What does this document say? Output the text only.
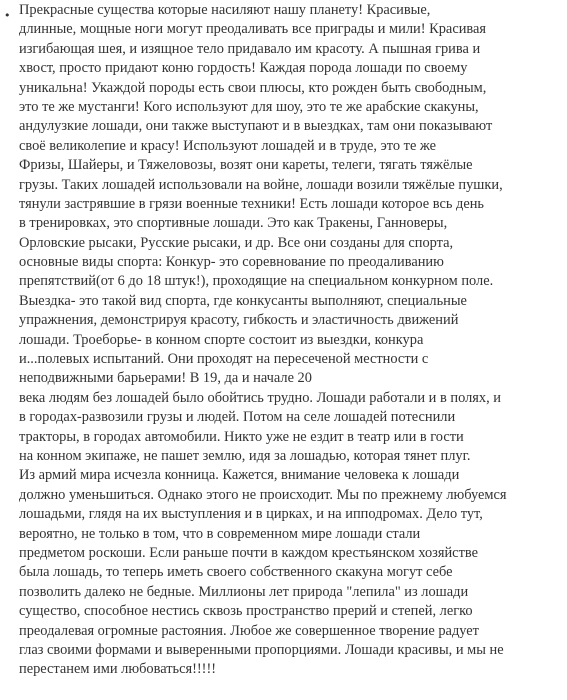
• Прекрасные существа которые насиляют нашу планету! Красивые,
длинные, мощные ноги могут преодаливать все приграды и мили! Красивая
изгибающая шея, и изящное тело придавало им красоту. А пышная грива и
хвост, просто придают коню гордость! Каждая порода лошади по своему
уникальна! Укаждой породы есть свои плюсы, кто рожден быть свободным,
это те же мустанги! Кого используют для шоу, это те же арабские скакуны,
андулузкие лошади, они также выступают и в выездках, там они показывают
своё великолепие и красу! Используют лошадей и в труде, это те же
Фризы, Шайеры, и Тяжеловозы, возят они кареты, телеги, тягать тяжёлые
грузы. Таких лошадей использовали на войне, лошади возили тяжёлые пушки,
тянули застрявшие в грязи военные техники! Есть лошади которое всь день
в тренировках, это спортивные лошади. Это как Тракены, Ганноверы,
Орловские рысаки, Русские рысаки, и др. Все они созданы для спорта,
основные виды спорта: Конкур- это соревнование по преодаливанию
препятствий(от 6 до 18 штук!), проходящие на специальном конкурном поле.
Выездка- это такой вид спорта, где конкусанты выполняют, специальные
упражнения, демонстрируя красоту, гибкость и эластичность движений
лошади. Троеборье- в конном спорте состоит из выездки, конкура
и...полевых испытаний. Они проходят на пересеченой местности с
неподвижными барьерами! В 19, да и начале 20
века людям без лошадей было обойтись трудно. Лошади работали и в полях, и
в городах-развозили грузы и людей. Потом на селе лошадей потеснили
тракторы, в городах автомобили. Никто уже не ездит в театр или в гости
на конном экипаже, не пашет землю, идя за лошадью, которая тянет плуг.
Из армий мира исчезла конница. Кажется, внимание человека к лошади
должно уменьшиться. Однако этого не происходит. Мы по прежнему любуемся
лошадьми, глядя на их выступления и в цирках, и на ипподромах. Дело тут,
вероятно, не только в том, что в современном мире лошади стали
предметом роскоши. Если раньше почти в каждом крестьянском хозяйстве
была лошадь, то теперь иметь своего собственного скакуна могут себе
позволить далеко не бедные. Миллионы лет природа "лепила" из лошади
существо, способное нестись сквозь пространство прерий и степей, легко
преодалевая огромные растояния. Любое же совершенное творение радует
глаз своими формами и выверенными пропорциями. Лошади красивы, и мы не
перестанем ими любоваться!!!!!
